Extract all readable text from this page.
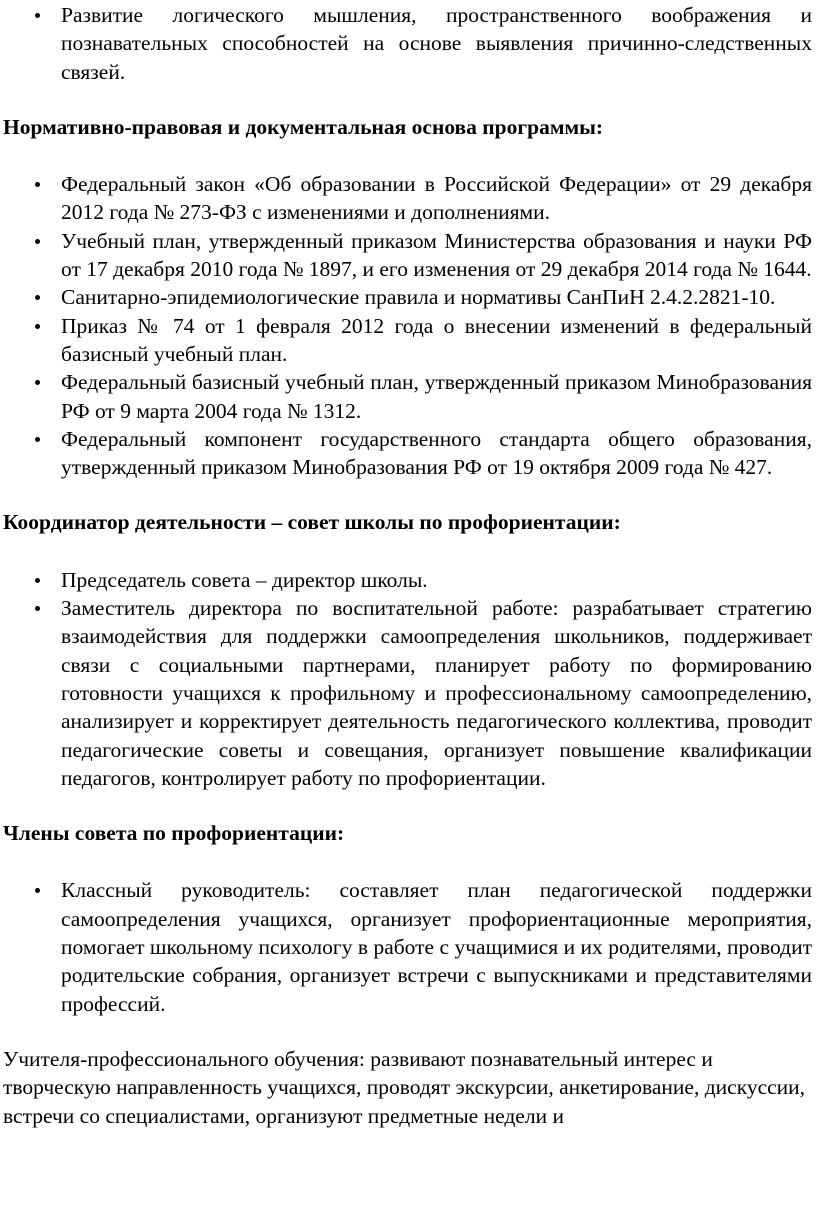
Развитие логического мышления, пространственного воображения и познавательных способностей на основе выявления причинно-следственных связей.

Нормативно-правовая и документальная основа программы:

Федеральный закон «Об образовании в Российской Федерации» от 29 декабря 2012 года № 273-ФЗ с изменениями и дополнениями.
Учебный план, утвержденный приказом Министерства образования и науки РФ от 17 декабря 2010 года № 1897, и его изменения от 29 декабря 2014 года № 1644.
Санитарно-эпидемиологические правила и нормативы СанПиН 2.4.2.2821-10.
Приказ № 74 от 1 февраля 2012 года о внесении изменений в федеральный базисный учебный план.
Федеральный базисный учебный план, утвержденный приказом Минобразования РФ от 9 марта 2004 года № 1312.
Федеральный компонент государственного стандарта общего образования, утвержденный приказом Минобразования РФ от 19 октября 2009 года № 427.

Координатор деятельности – совет школы по профориентации:

Председатель совета – директор школы.
Заместитель директора по воспитательной работе: разрабатывает стратегию взаимодействия для поддержки самоопределения школьников, поддерживает связи с социальными партнерами, планирует работу по формированию готовности учащихся к профильному и профессиональному самоопределению, анализирует и корректирует деятельность педагогического коллектива, проводит педагогические советы и совещания, организует повышение квалификации педагогов, контролирует работу по профориентации.

Члены совета по профориентации:

Классный руководитель: составляет план педагогической поддержки самоопределения учащихся, организует профориентационные мероприятия, помогает школьному психологу в работе с учащимися и их родителями, проводит родительские собрания, организует встречи с выпускниками и представителями профессий.

Учителя-профессионального обучения: развивают познавательный интерес и творческую направленность учащихся, проводят экскурсии, анкетирование, дискуссии, встречи со специалистами, организуют предметные недели и
